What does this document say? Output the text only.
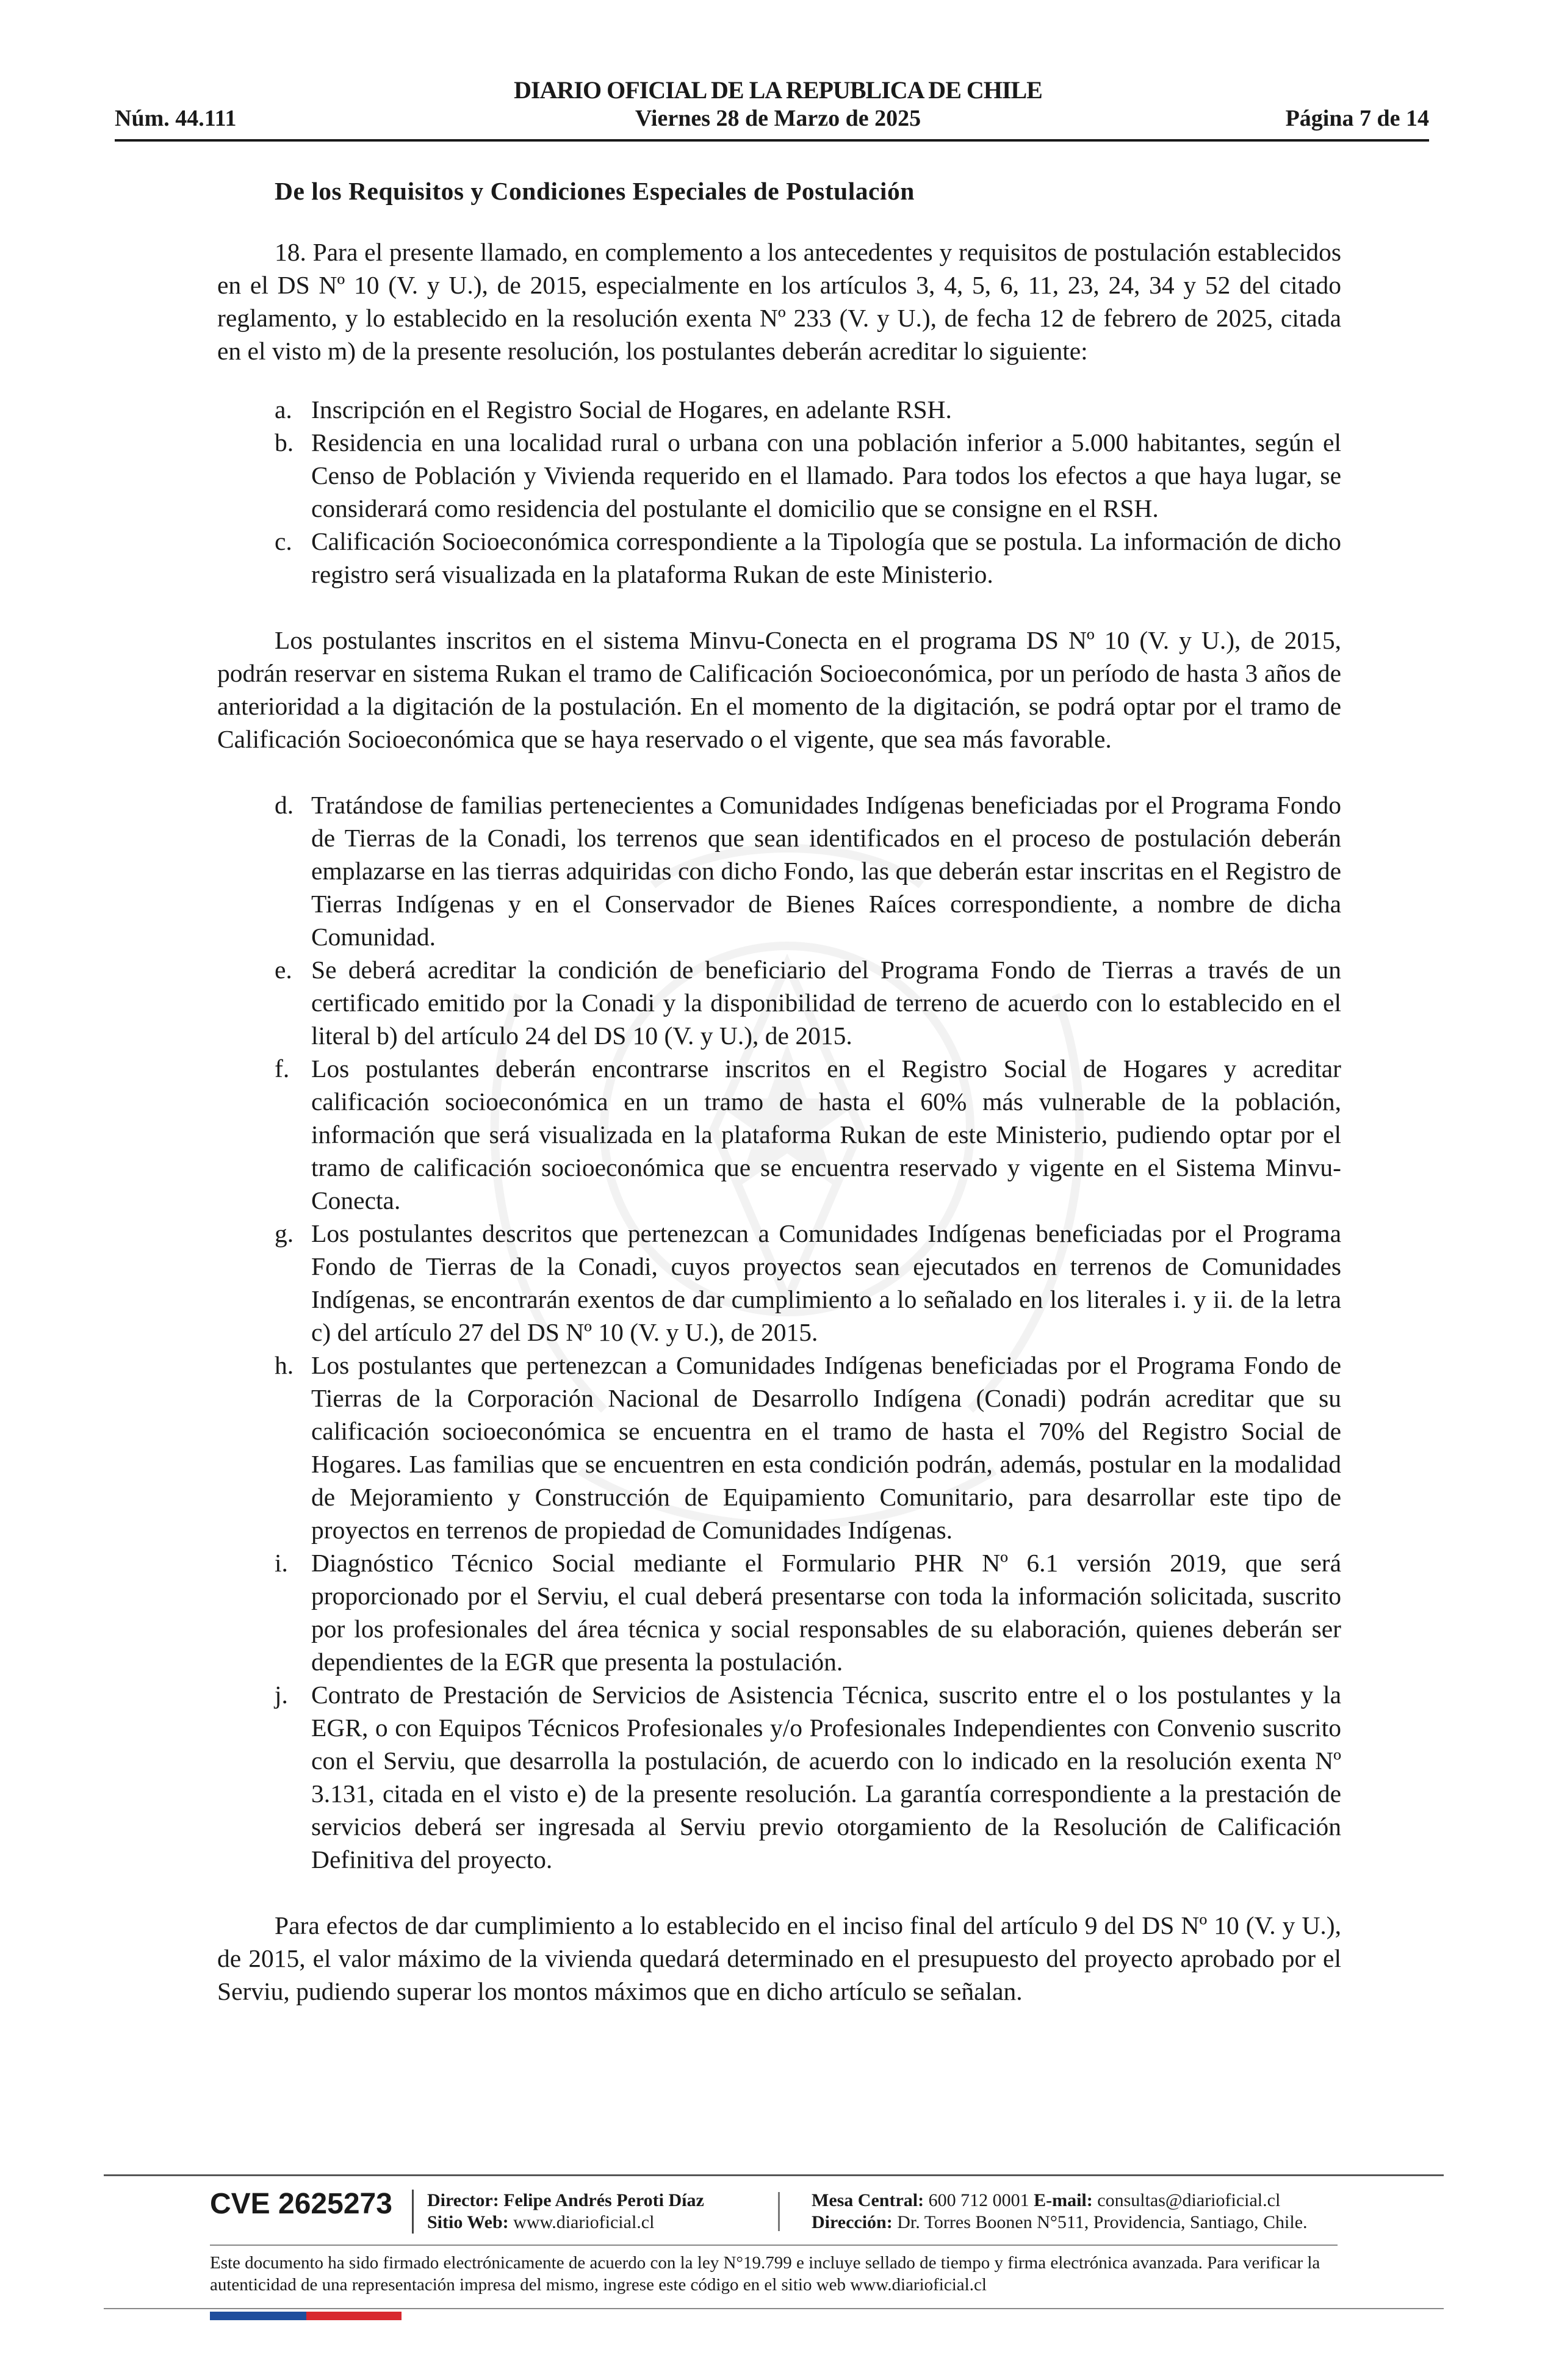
DIARIO OFICIAL DE LA REPUBLICA DE CHILE
Núm. 44.111	Viernes 28 de Marzo de 2025	Página 7 de 14
De los Requisitos y Condiciones Especiales de Postulación

18. Para el presente llamado, en complemento a los antecedentes y requisitos de postulación establecidos en el DS Nº 10 (V. y U.), de 2015, especialmente en los artículos 3, 4, 5, 6, 11, 23, 24, 34 y 52 del citado reglamento, y lo establecido en la resolución exenta Nº 233 (V. y U.), de fecha 12 de febrero de 2025, citada en el visto m) de la presente resolución, los postulantes deberán acreditar lo siguiente:

a. Inscripción en el Registro Social de Hogares, en adelante RSH.
b. Residencia en una localidad rural o urbana con una población inferior a 5.000 habitantes, según el Censo de Población y Vivienda requerido en el llamado. Para todos los efectos a que haya lugar, se considerará como residencia del postulante el domicilio que se consigne en el RSH.
c. Calificación Socioeconómica correspondiente a la Tipología que se postula. La información de dicho registro será visualizada en la plataforma Rukan de este Ministerio.

Los postulantes inscritos en el sistema Minvu-Conecta en el programa DS Nº 10 (V. y U.), de 2015, podrán reservar en sistema Rukan el tramo de Calificación Socioeconómica, por un período de hasta 3 años de anterioridad a la digitación de la postulación. En el momento de la digitación, se podrá optar por el tramo de Calificación Socioeconómica que se haya reservado o el vigente, que sea más favorable.

d. Tratándose de familias pertenecientes a Comunidades Indígenas beneficiadas por el Programa Fondo de Tierras de la Conadi, los terrenos que sean identificados en el proceso de postulación deberán emplazarse en las tierras adquiridas con dicho Fondo, las que deberán estar inscritas en el Registro de Tierras Indígenas y en el Conservador de Bienes Raíces correspondiente, a nombre de dicha Comunidad.
e. Se deberá acreditar la condición de beneficiario del Programa Fondo de Tierras a través de un certificado emitido por la Conadi y la disponibilidad de terreno de acuerdo con lo establecido en el literal b) del artículo 24 del DS 10 (V. y U.), de 2015.
f. Los postulantes deberán encontrarse inscritos en el Registro Social de Hogares y acreditar calificación socioeconómica en un tramo de hasta el 60% más vulnerable de la población, información que será visualizada en la plataforma Rukan de este Ministerio, pudiendo optar por el tramo de calificación socioeconómica que se encuentra reservado y vigente en el Sistema Minvu-Conecta.
g. Los postulantes descritos que pertenezcan a Comunidades Indígenas beneficiadas por el Programa Fondo de Tierras de la Conadi, cuyos proyectos sean ejecutados en terrenos de Comunidades Indígenas, se encontrarán exentos de dar cumplimiento a lo señalado en los literales i. y ii. de la letra c) del artículo 27 del DS Nº 10 (V. y U.), de 2015.
h. Los postulantes que pertenezcan a Comunidades Indígenas beneficiadas por el Programa Fondo de Tierras de la Corporación Nacional de Desarrollo Indígena (Conadi) podrán acreditar que su calificación socioeconómica se encuentra en el tramo de hasta el 70% del Registro Social de Hogares. Las familias que se encuentren en esta condición podrán, además, postular en la modalidad de Mejoramiento y Construcción de Equipamiento Comunitario, para desarrollar este tipo de proyectos en terrenos de propiedad de Comunidades Indígenas.
i. Diagnóstico Técnico Social mediante el Formulario PHR Nº 6.1 versión 2019, que será proporcionado por el Serviu, el cual deberá presentarse con toda la información solicitada, suscrito por los profesionales del área técnica y social responsables de su elaboración, quienes deberán ser dependientes de la EGR que presenta la postulación.
j. Contrato de Prestación de Servicios de Asistencia Técnica, suscrito entre el o los postulantes y la EGR, o con Equipos Técnicos Profesionales y/o Profesionales Independientes con Convenio suscrito con el Serviu, que desarrolla la postulación, de acuerdo con lo indicado en la resolución exenta Nº 3.131, citada en el visto e) de la presente resolución. La garantía correspondiente a la prestación de servicios deberá ser ingresada al Serviu previo otorgamiento de la Resolución de Calificación Definitiva del proyecto.

Para efectos de dar cumplimiento a lo establecido en el inciso final del artículo 9 del DS Nº 10 (V. y U.), de 2015, el valor máximo de la vivienda quedará determinado en el presupuesto del proyecto aprobado por el Serviu, pudiendo superar los montos máximos que en dicho artículo se señalan.

CVE 2625273 Director: Felipe Andrés Peroti Díaz
Sitio Web: www.diarioficial.cl
Mesa Central: 600 712 0001 E-mail: consultas@diarioficial.cl
Dirección: Dr. Torres Boonen N°511, Providencia, Santiago, Chile.
Este documento ha sido firmado electrónicamente de acuerdo con la ley N°19.799 e incluye sellado de tiempo y firma electrónica avanzada. Para verificar la autenticidad de una representación impresa del mismo, ingrese este código en el sitio web www.diarioficial.cl
